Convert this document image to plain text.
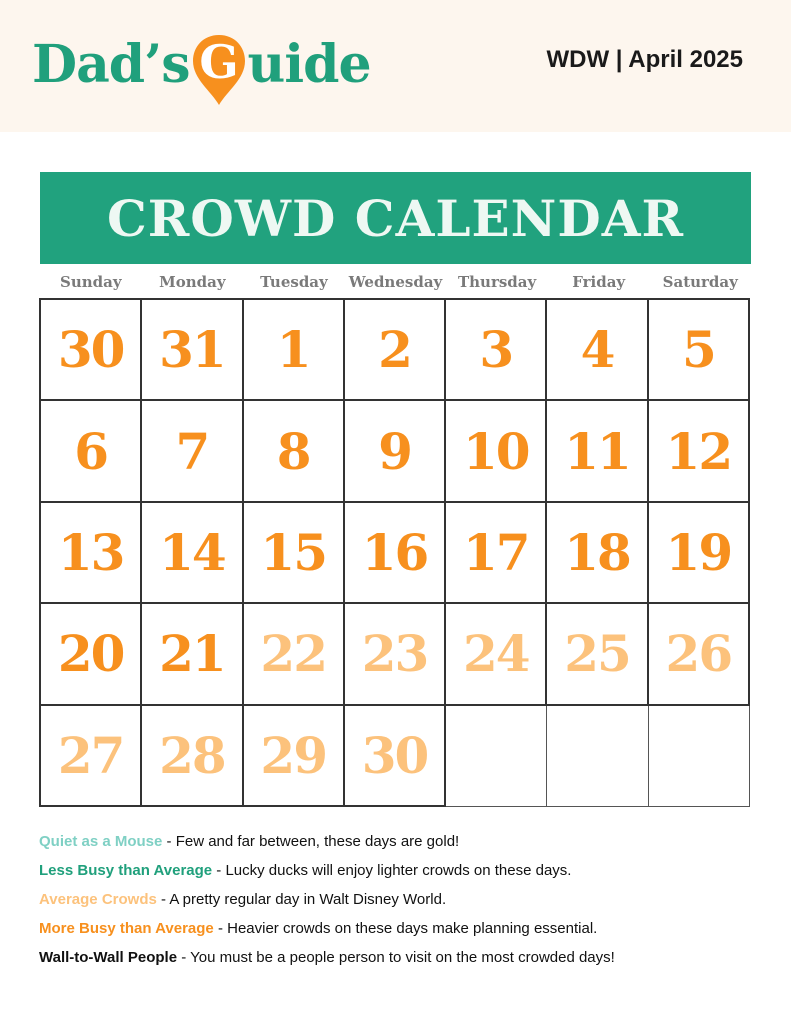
Dad’s G uide	WDW | April 2025
CROWD CALENDAR
Sunday	Monday	Tuesday	Wednesday	Thursday	Friday	Saturday
30 31 1 2 3 4 5
6 7 8 9 10 11 12
13 14 15 16 17 18 19
20 21 22 23 24 25 26
27 28 29 30
Quiet as a Mouse - Few and far between, these days are gold!
Less Busy than Average - Lucky ducks will enjoy lighter crowds on these days.
Average Crowds - A pretty regular day in Walt Disney World.
More Busy than Average - Heavier crowds on these days make planning essential.
Wall-to-Wall People - You must be a people person to visit on the most crowded days!
